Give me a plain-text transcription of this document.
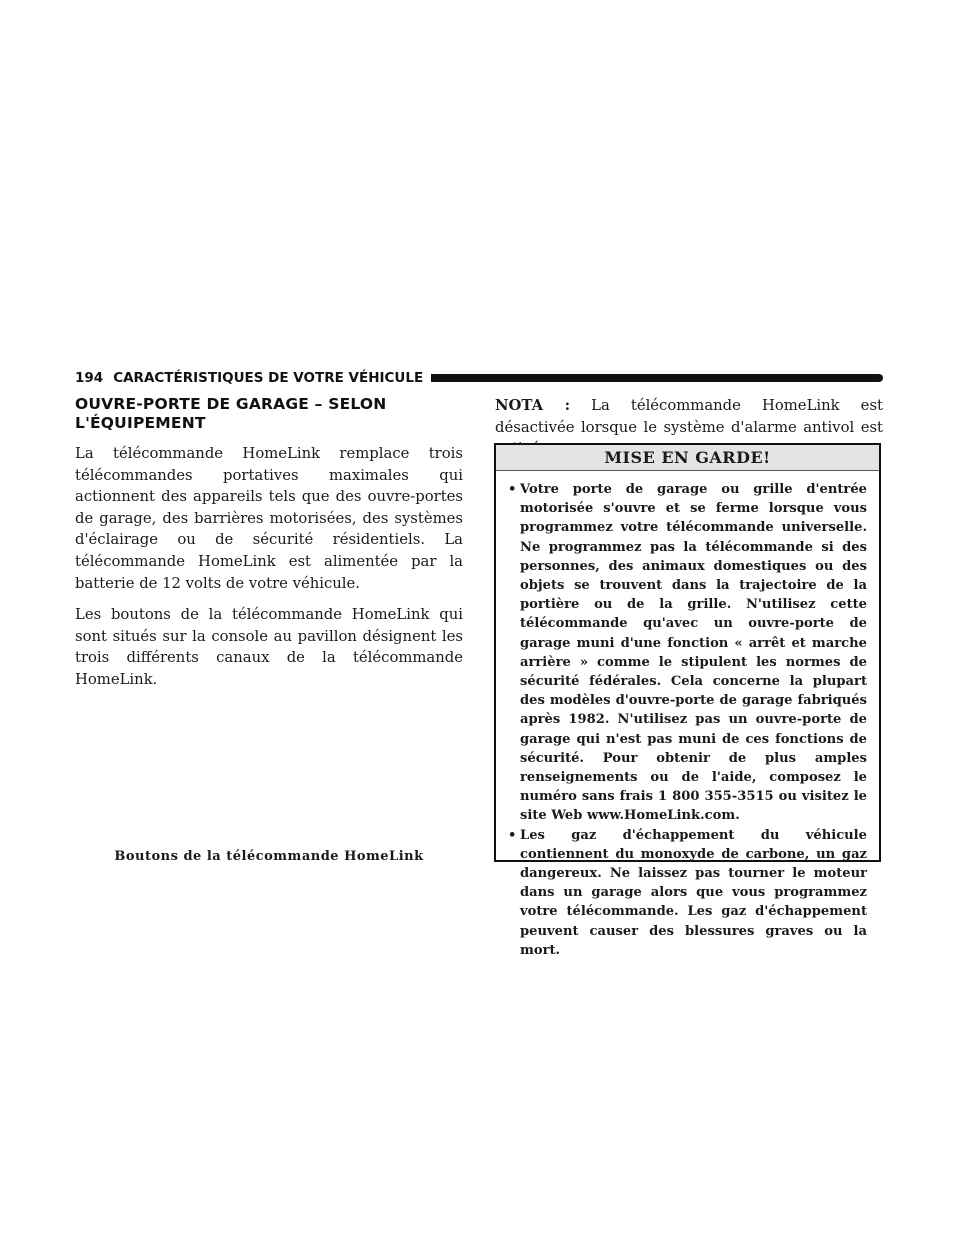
194 CARACTÉRISTIQUES DE VOTRE VÉHICULE
OUVRE-PORTE DE GARAGE – SELON
L'ÉQUIPEMENT

La télécommande HomeLink remplace trois télécommandes portatives maximales qui actionnent des appareils tels que des ouvre-portes de garage, des barrières motorisées, des systèmes d'éclairage ou de sécurité résidentiels. La télécommande HomeLink est alimentée par la batterie de 12 volts de votre véhicule.

Les boutons de la télécommande HomeLink qui sont situés sur la console au pavillon désignent les trois différents canaux de la télécommande HomeLink.

Boutons de la télécommande HomeLink

NOTA : La télécommande HomeLink est désactivée lorsque le système d'alarme antivol est

MISE EN GARDE!
• Votre porte de garage ou grille d'entrée motorisée s'ouvre et se ferme lorsque vous programmez votre télécommande universelle. Ne programmez pas la télécommande si des personnes, des animaux domestiques ou des objets se trouvent dans la trajectoire de la portière ou de la grille. N'utilisez cette télécommande qu'avec un ouvre-porte de garage muni d'une fonction « arrêt et marche arrière » comme le stipulent les normes de sécurité fédérales. Cela concerne la plupart des modèles d'ouvre-porte de garage fabriqués après 1982. N'utilisez pas un ouvre-porte de garage qui n'est pas muni de ces fonctions de sécurité. Pour obtenir de plus amples renseignements ou de l'aide, composez le numéro sans frais 1 800 355-3515 ou visitez le site Web www.HomeLink.com.
• Les gaz d'échappement du véhicule contiennent du monoxyde de carbone, un gaz dangereux. Ne laissez pas tourner le moteur dans un garage alors que vous programmez votre télécommande. Les gaz d'échappement peuvent causer des blessures graves ou la mort.
